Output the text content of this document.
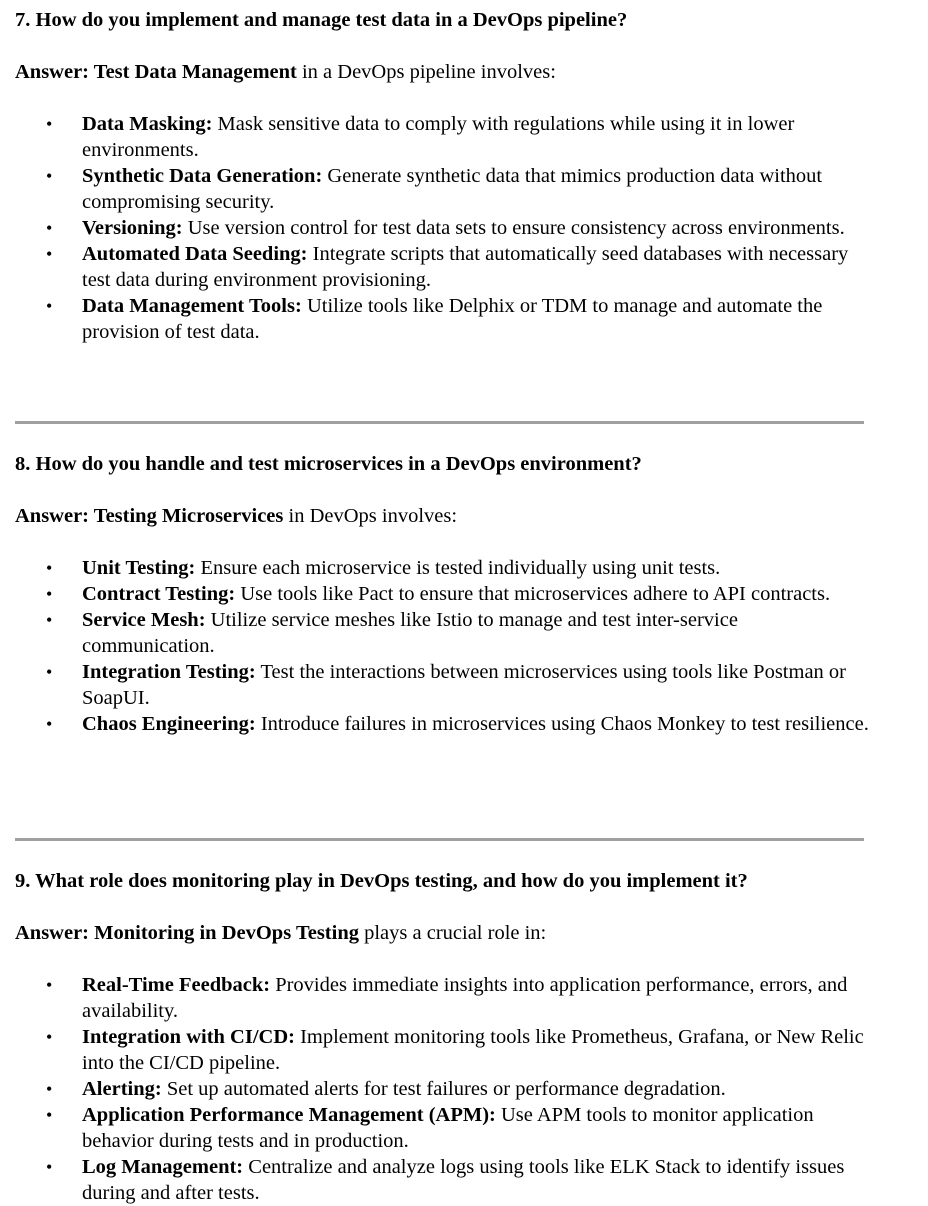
7. How do you implement and manage test data in a DevOps pipeline?

Answer: Test Data Management in a DevOps pipeline involves:

• Data Masking: Mask sensitive data to comply with regulations while using it in lower environments.
• Synthetic Data Generation: Generate synthetic data that mimics production data without compromising security.
• Versioning: Use version control for test data sets to ensure consistency across environments.
• Automated Data Seeding: Integrate scripts that automatically seed databases with necessary test data during environment provisioning.
• Data Management Tools: Utilize tools like Delphix or TDM to manage and automate the provision of test data.
8. How do you handle and test microservices in a DevOps environment?

Answer: Testing Microservices in DevOps involves:

• Unit Testing: Ensure each microservice is tested individually using unit tests.
• Contract Testing: Use tools like Pact to ensure that microservices adhere to API contracts.
• Service Mesh: Utilize service meshes like Istio to manage and test inter-service communication.
• Integration Testing: Test the interactions between microservices using tools like Postman or SoapUI.
• Chaos Engineering: Introduce failures in microservices using Chaos Monkey to test resilience.
9. What role does monitoring play in DevOps testing, and how do you implement it?

Answer: Monitoring in DevOps Testing plays a crucial role in:

• Real-Time Feedback: Provides immediate insights into application performance, errors, and availability.
• Integration with CI/CD: Implement monitoring tools like Prometheus, Grafana, or New Relic into the CI/CD pipeline.
• Alerting: Set up automated alerts for test failures or performance degradation.
• Application Performance Management (APM): Use APM tools to monitor application behavior during tests and in production.
• Log Management: Centralize and analyze logs using tools like ELK Stack to identify issues during and after tests.
